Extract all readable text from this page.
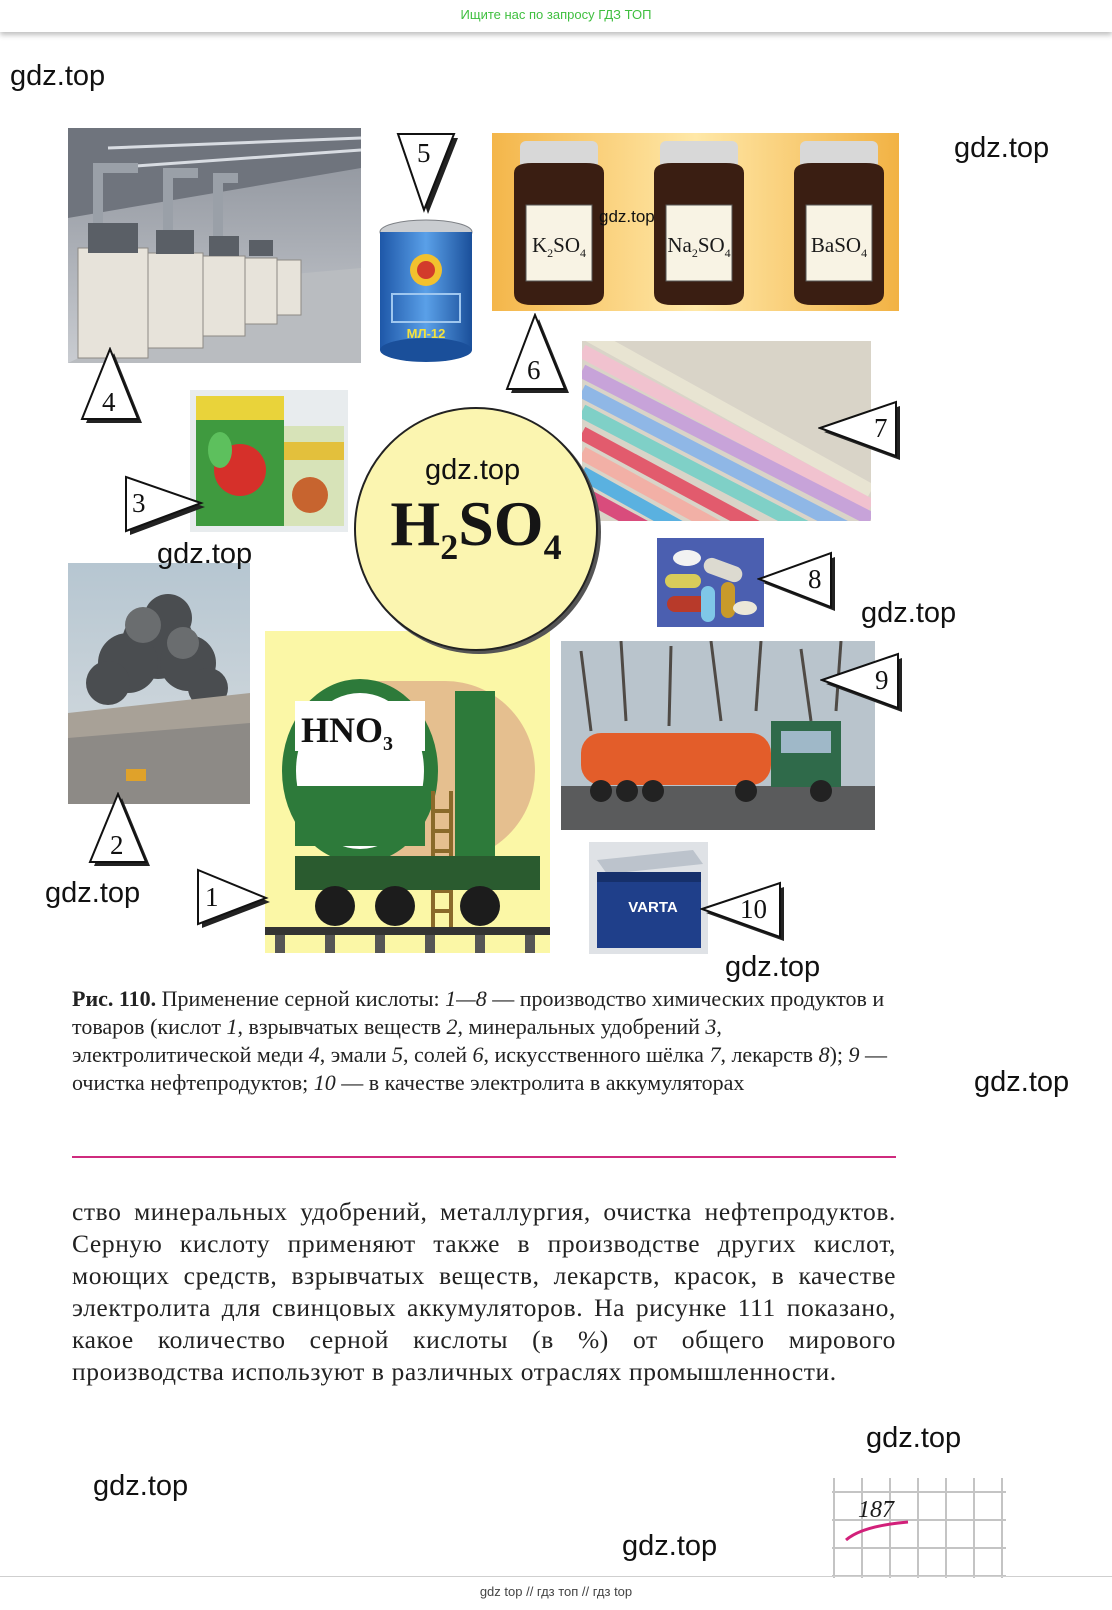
Ищите нас по запросу ГДЗ ТОП
МЛ-12
$K_2SO_4$	$Na_2SO_4$	BaSO$_4$
$HNO_3$
VARTA
$H_2SO_4$
1
2
3
4
5
6
7
8
9
10
Рис. 110. Применение серной кислоты: 1—8 — производство химических продуктов и товаров (кислот 1, взрывчатых веществ 2, минеральных удобрений 3, электролитической меди 4, эмали 5, солей 6, искусственного шёлка 7, лекарств 8); 9 — очистка нефтепродуктов; 10 — в качестве электролита в аккумуляторах
ство минеральных удобрений, металлургия, очистка нефтепродуктов. Серную кислоту применяют также в производстве других кислот, моющих средств, взрывчатых веществ, лекарств, красок, в качестве электролита для свинцовых аккумуляторов. На рисунке 111 показано, какое количество серной кислоты (в %) от общего мирового производства используют в различных отраслях промышленности.
187
gdz.top
gdz.top
gdz.top
gdz.top
gdz.top
gdz.top
gdz.top
gdz.top
gdz.top
gdz.top
gdz.top
gdz.top
gdz top // гдз топ // гдз top
